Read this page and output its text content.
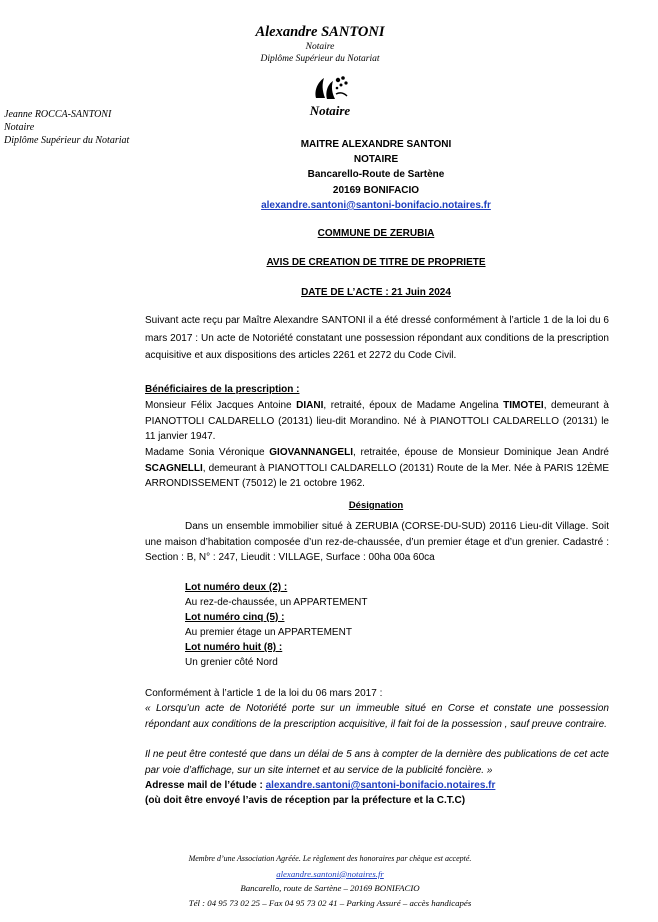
Alexandre SANTONI
Notaire
Diplôme Supérieur du Notariat
Notaire
Jeanne ROCCA-SANTONI
Notaire
Diplôme Supérieur du Notariat	MAITRE ALEXANDRE SANTONI
NOTAIRE
Bancarello-Route de Sartène
20169 BONIFACIO
alexandre.santoni@santoni-bonifacio.notaires.fr
COMMUNE DE ZERUBIA
AVIS DE CREATION DE TITRE DE PROPRIETE
DATE DE L’ACTE : 21 Juin 2024
Suivant acte reçu par Maître Alexandre SANTONI il a été dressé conformément à l’article 1 de la loi du 6 mars 2017 : Un acte de Notoriété constatant une possession répondant aux conditions de la prescription acquisitive et aux dispositions des articles 2261 et 2272 du Code Civil.
Bénéficiaires de la prescription :
Monsieur Félix Jacques Antoine DIANI, retraité, époux de Madame Angelina TIMOTEI, demeurant à PIANOTTOLI CALDARELLO (20131) lieu-dit Morandino. Né à PIANOTTOLI CALDARELLO (20131) le 11 janvier 1947.
Madame Sonia Véronique GIOVANNANGELI, retraitée, épouse de Monsieur Dominique Jean André SCAGNELLI, demeurant à PIANOTTOLI CALDARELLO (20131) Route de la Mer. Née à PARIS 12ÈME ARRONDISSEMENT (75012) le 21 octobre 1962.
Désignation
Dans un ensemble immobilier situé à ZERUBIA (CORSE-DU-SUD) 20116 Lieu-dit Village. Soit une maison d’habitation composée d’un rez-de-chaussée, d’un premier étage et d’un grenier. Cadastré : Section : B, N° : 247, Lieudit : VILLAGE, Surface : 00ha 00a 60ca
Lot numéro deux (2) :
Au rez-de-chaussée, un APPARTEMENT
Lot numéro cinq (5) :
Au premier étage un APPARTEMENT
Lot numéro huit (8) :
Un grenier côté Nord
Conformément à l’article 1 de la loi du 06 mars 2017 :
« Lorsqu’un acte de Notoriété porte sur un immeuble situé en Corse et constate une possession répondant aux conditions de la prescription acquisitive, il fait foi de la possession , sauf preuve contraire.
Il ne peut être contesté que dans un délai de 5 ans à compter de la dernière des publications de cet acte par voie d’affichage, sur un site internet et au service de la publicité foncière. »
Adresse mail de l’étude : alexandre.santoni@santoni-bonifacio.notaires.fr
(où doit être envoyé l’avis de réception par la préfecture et la C.T.C)
Membre d’une Association Agréée. Le règlement des honoraires par chèque est accepté.
alexandre.santoni@notaires.fr
Bancarello, route de Sartène – 20169 BONIFACIO
Tél : 04 95 73 02 25 – Fax 04 95 73 02 41 – Parking Assuré – accès handicapés
